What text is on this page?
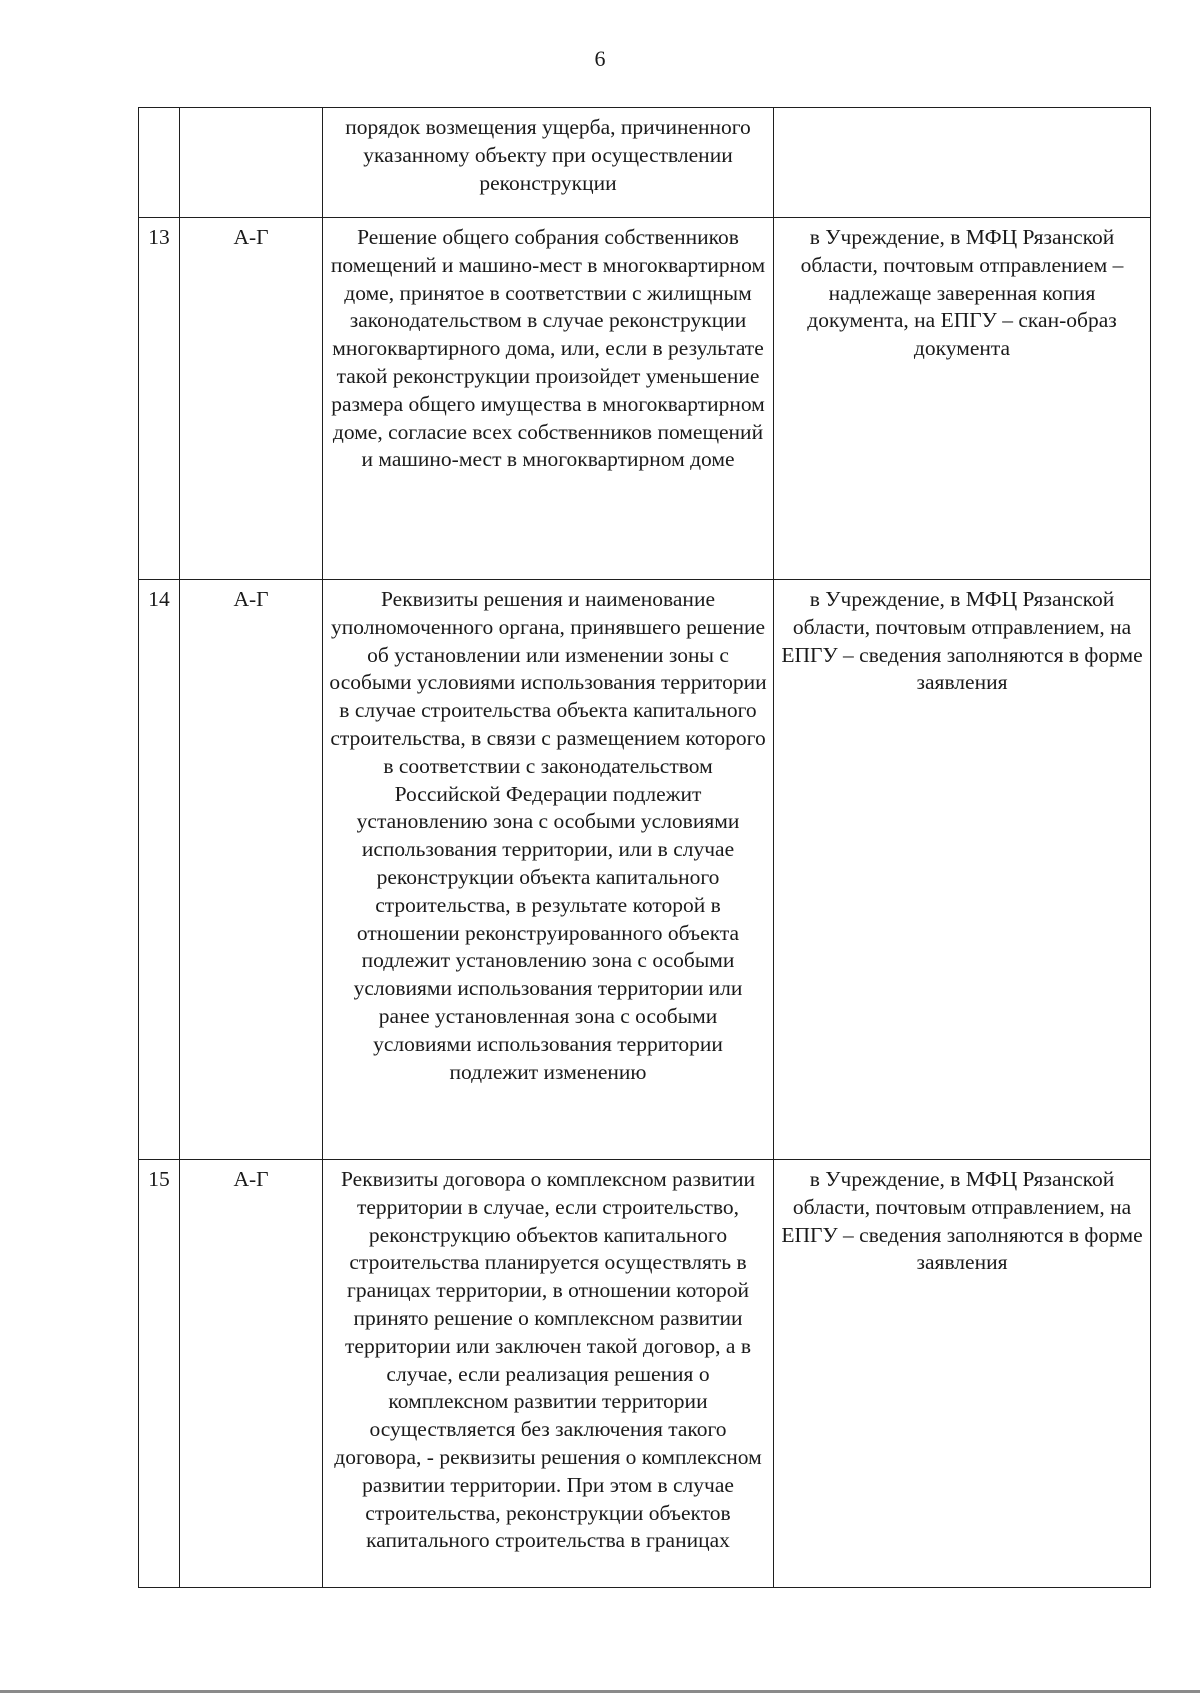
6
		порядок возмещения ущерба, причиненного указанному объекту при осуществлении реконструкции	
13	А-Г	Решение общего собрания собственников помещений и машино-мест в многоквартирном доме, принятое в соответствии с жилищным законодательством в случае реконструкции многоквартирного дома, или, если в результате такой реконструкции произойдет уменьшение размера общего имущества в многоквартирном доме, согласие всех собственников помещений и машино-мест в многоквартирном доме	в Учреждение, в МФЦ Рязанской области, почтовым отправлением – надлежаще заверенная копия документа, на ЕПГУ – скан-образ документа
14	А-Г	Реквизиты решения и наименование уполномоченного органа, принявшего решение об установлении или изменении зоны с особыми условиями использования территории в случае строительства объекта капитального строительства, в связи с размещением которого в соответствии с законодательством Российской Федерации подлежит установлению зона с особыми условиями использования территории, или в случае реконструкции объекта капитального строительства, в результате которой в отношении реконструированного объекта подлежит установлению зона с особыми условиями использования территории или ранее установленная зона с особыми условиями использования территории подлежит изменению	в Учреждение, в МФЦ Рязанской области, почтовым отправлением, на ЕПГУ – сведения заполняются в форме заявления
15	А-Г	Реквизиты договора о комплексном развитии территории в случае, если строительство, реконструкцию объектов капитального строительства планируется осуществлять в границах территории, в отношении которой принято решение о комплексном развитии территории или заключен такой договор, а в случае, если реализация решения о комплексном развитии территории осуществляется без заключения такого договора, - реквизиты решения о комплексном развитии территории. При этом в случае строительства, реконструкции объектов капитального строительства в границах	в Учреждение, в МФЦ Рязанской области, почтовым отправлением, на ЕПГУ – сведения заполняются в форме заявления
